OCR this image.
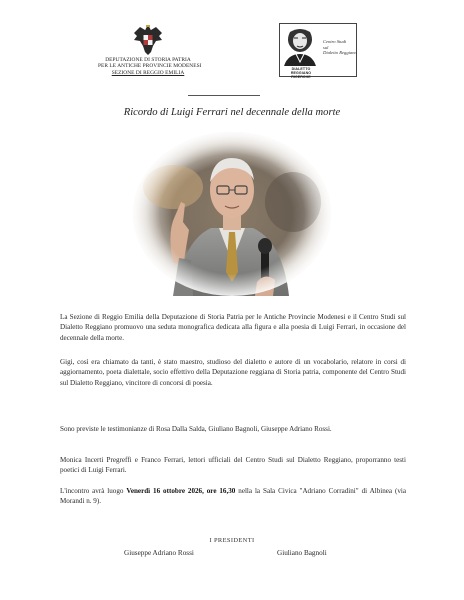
DEPUTAZIONE DI STORIA PATRIA
PER LE ANTICHE PROVINCIE MODENESI
SEZIONE DI REGGIO EMILIA
DIALETTO REGGIANO
RICERCHE
Centro Studi
sul
Dialetto Reggiano
Ricordo di Luigi Ferrari nel decennale della morte
La Sezione di Reggio Emilia della Deputazione di Storia Patria per le Antiche Provincie Modenesi e il Centro Studi sul Dialetto Reggiano promuovo una seduta monografica dedicata alla figura e alla poesia di Luigi Ferrari, in occasione del decennale della morte.
Gigi, così era chiamato da tanti, è stato maestro, studioso del dialetto e autore di un vocabolario, relatore in corsi di aggiornamento, poeta dialettale, socio effettivo della Deputazione reggiana di Storia patria, componente del Centro Studi sul Dialetto Reggiano, vincitore di concorsi di poesia.
Sono previste le testimonianze di Rosa Dalla Salda, Giuliano Bagnoli, Giuseppe Adriano Rossi.
Monica Incerti Pregreffi e Franco Ferrari, lettori ufficiali del Centro Studi sul Dialetto Reggiano, proporranno testi poetici di Luigi Ferrari.
L'incontro avrà luogo Venerdì 16 ottobre 2026, ore 16,30 nella la Sala Civica "Adriano Corradini" di Albinea (via Morandi n. 9).
I PRESIDENTI
Giuseppe Adriano Rossi	Giuliano Bagnoli
